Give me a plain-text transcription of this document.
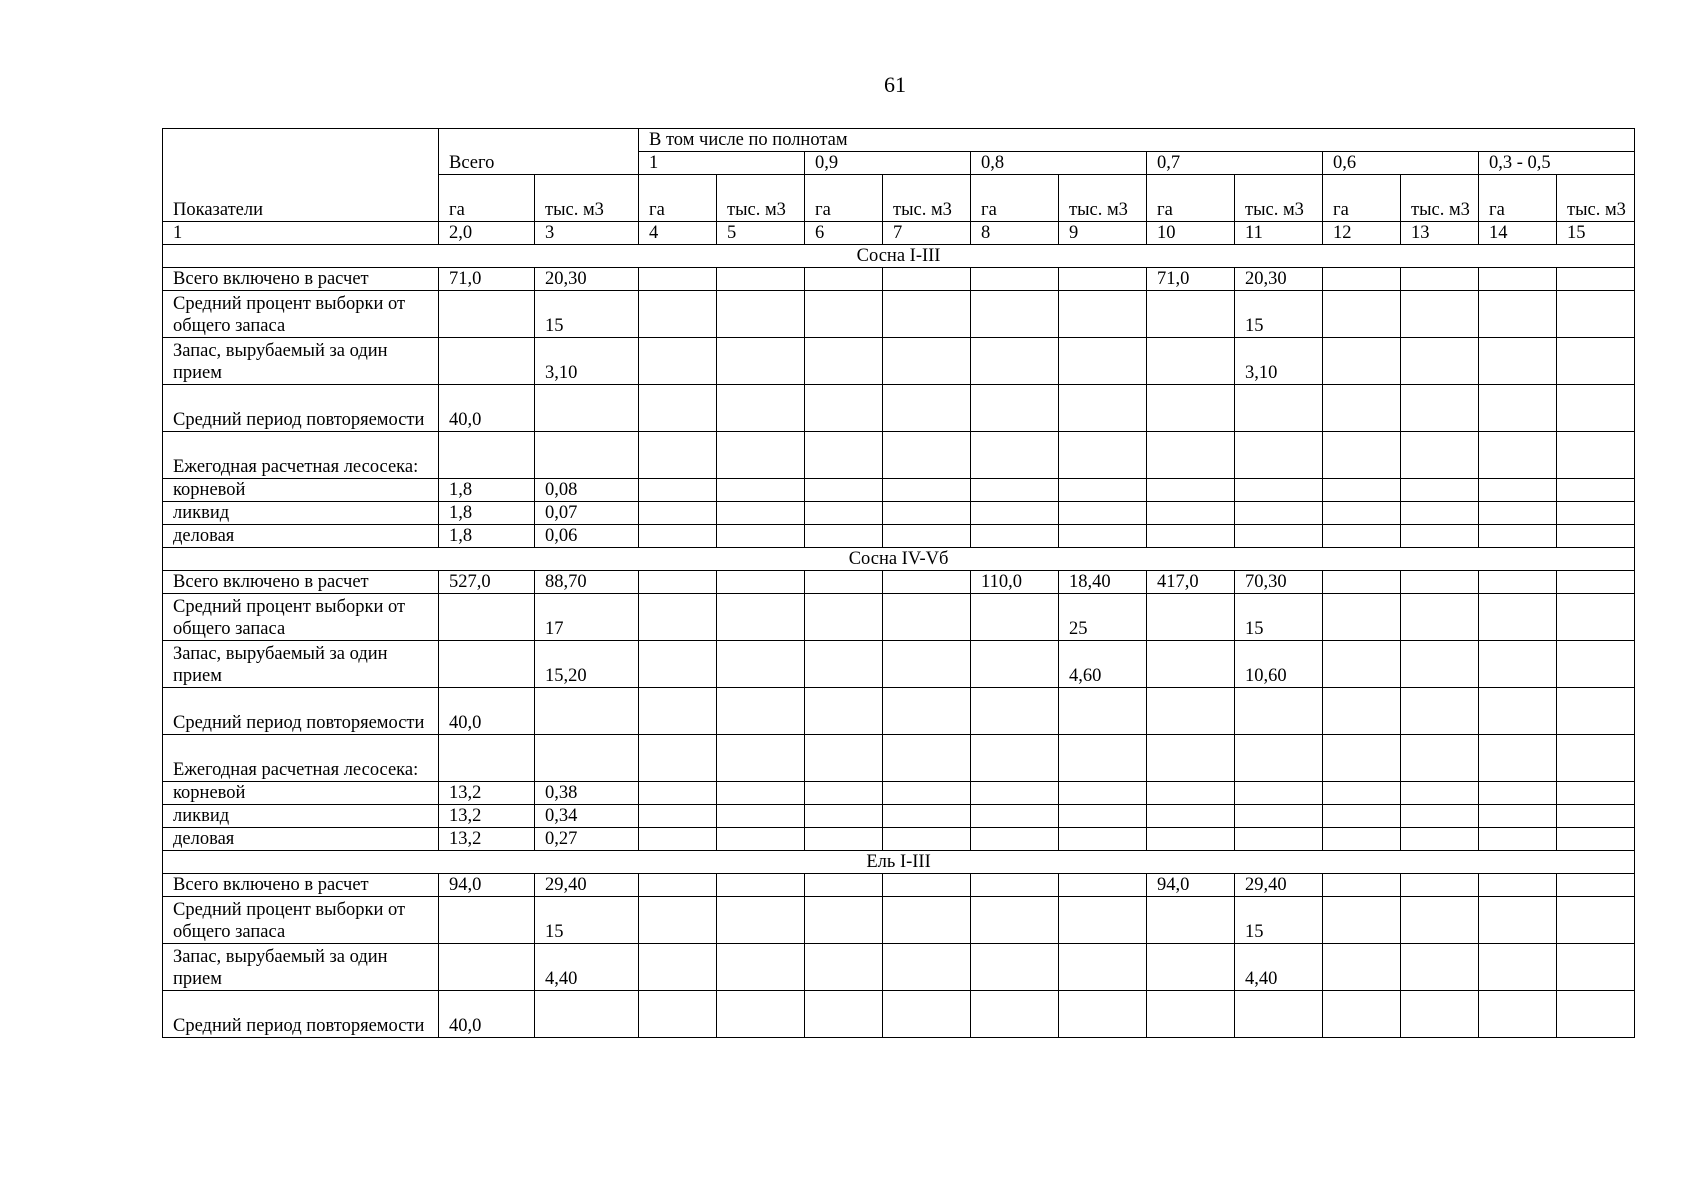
61
Показатели	Всего		В том числе по полнотам											
			1		0,9		0,8		0,7		0,6		0,3 - 0,5	
	га	тыс. м3	га	тыс. м3	га	тыс. м3	га	тыс. м3	га	тыс. м3	га	тыс. м3	га	тыс. м3
1	2,0	3	4	5	6	7	8	9	10	11	12	13	14	15
Сосна I-III														
Всего включено в расчет	71,0	20,30							71,0	20,30				
Средний процент выборки от общего запаса		15								15				
Запас, вырубаемый за один прием		3,10								3,10				
Средний период повторяемости	40,0													
Ежегодная расчетная лесосека:														
корневой	1,8	0,08												
ликвид	1,8	0,07												
деловая	1,8	0,06												
Сосна IV-Vб														
Всего включено в расчет	527,0	88,70					110,0	18,40	417,0	70,30				
Средний процент выборки от общего запаса		17						25		15				
Запас, вырубаемый за один прием		15,20						4,60		10,60				
Средний период повторяемости	40,0													
Ежегодная расчетная лесосека:														
корневой	13,2	0,38												
ликвид	13,2	0,34												
деловая	13,2	0,27												
Ель I-III														
Всего включено в расчет	94,0	29,40							94,0	29,40				
Средний процент выборки от общего запаса		15								15				
Запас, вырубаемый за один прием		4,40								4,40				
Средний период повторяемости	40,0													
